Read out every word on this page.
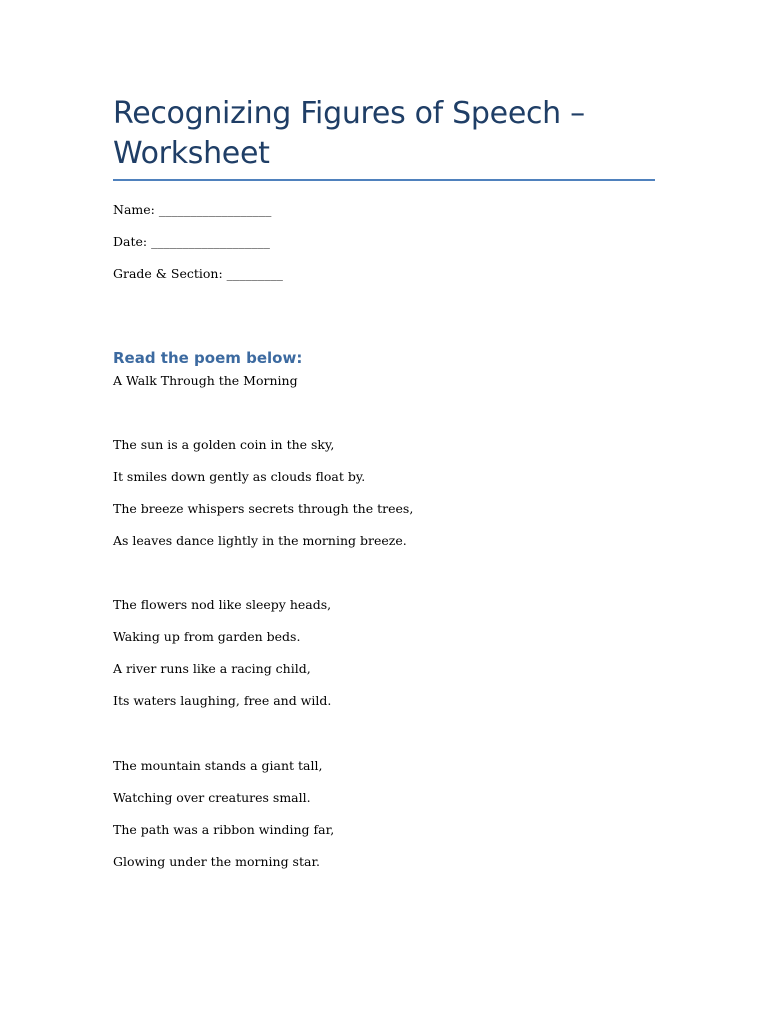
Recognizing Figures of Speech – Worksheet
Name: __________________
Date: ___________________
Grade & Section: _________
Read the poem below:
A Walk Through the Morning
The sun is a golden coin in the sky,
It smiles down gently as clouds float by.
The breeze whispers secrets through the trees,
As leaves dance lightly in the morning breeze.
The flowers nod like sleepy heads,
Waking up from garden beds.
A river runs like a racing child,
Its waters laughing, free and wild.
The mountain stands a giant tall,
Watching over creatures small.
The path was a ribbon winding far,
Glowing under the morning star.
